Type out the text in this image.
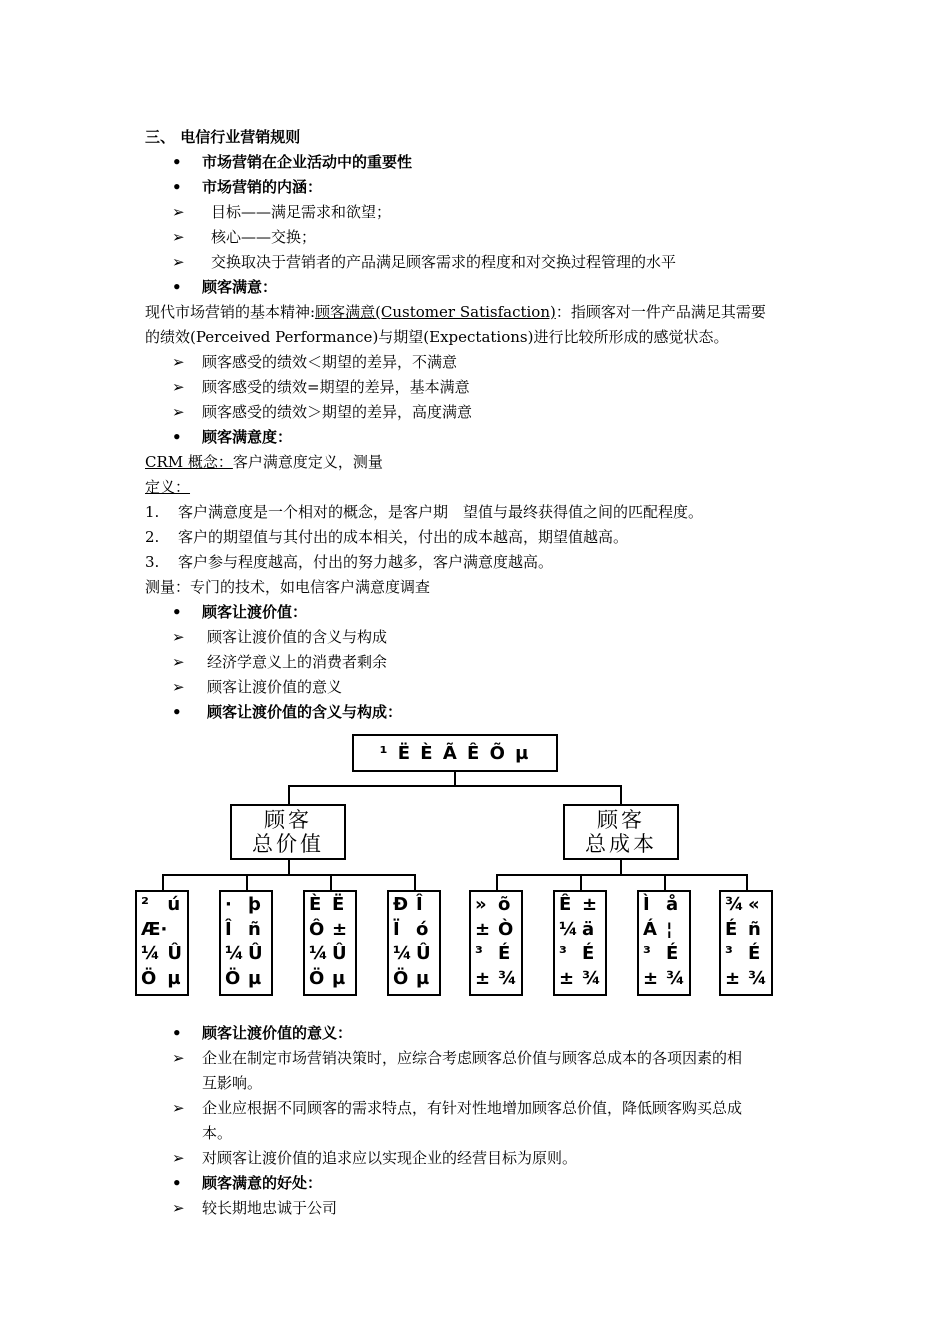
三、 电信行业营销规则
• 市场营销在企业活动中的重要性
• 市场营销的内涵：
➢ 目标——满足需求和欲望；
➢ 核心——交换；
➢ 交换取决于营销者的产品满足顾客需求的程度和对交换过程管理的水平
• 顾客满意：
现代市场营销的基本精神:顾客满意(Customer Satisfaction)：指顾客对一件产品满足其需要
的绩效(Perceived Performance)与期望(Expectations)进行比较所形成的感觉状态。
➢ 顾客感受的绩效＜期望的差异，不满意
➢ 顾客感受的绩效=期望的差异，基本满意
➢ 顾客感受的绩效＞期望的差异，高度满意
• 顾客满意度：
CRM 概念：客户满意度定义，测量
定义：
1. 客户满意度是一个相对的概念，是客户期　望值与最终获得值之间的匹配程度。
2. 客户的期望值与其付出的成本相关，付出的成本越高，期望值越高。
3. 客户参与程度越高，付出的努力越多，客户满意度越高。
测量：专门的技术，如电信客户满意度调查
• 顾客让渡价值：
➢ 顾客让渡价值的含义与构成
➢ 经济学意义上的消费者剩余
➢ 顾客让渡价值的意义
• 顾客让渡价值的含义与构成：
¹ Ë È Ã Ê Õ µ
顾客
总价值
顾客
总成本
²	ú
Æ·
¼ Û
Ö µ
· þ
Î ñ
¼ Û
Ö µ
È Ë
Ô ±
¼ Û
Ö µ
Ð Î
Ï ó
¼ Û
Ö µ
» õ
± Ò
³ É
± ¾
Ê ±
¼ ä
³ É
± ¾
Ì å
Á ¦
³ É
± ¾
¾ «
É ñ
³ É
± ¾
• 顾客让渡价值的意义：
➢ 企业在制定市场营销决策时，应综合考虑顾客总价值与顾客总成本的各项因素的相
互影响。
➢ 企业应根据不同顾客的需求特点，有针对性地增加顾客总价值，降低顾客购买总成
本。
➢ 对顾客让渡价值的追求应以实现企业的经营目标为原则。
• 顾客满意的好处：
➢ 较长期地忠诚于公司
